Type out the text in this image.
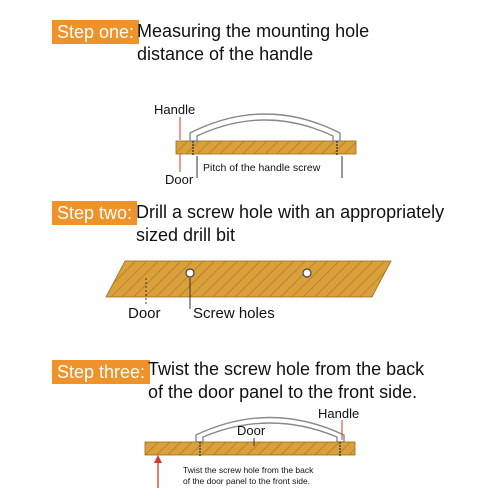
Step one: Measuring the mounting hole
distance of the handle
Step two: Drill a screw hole with an appropriately
sized drill bit
Step three: Twist the screw hole from the back
of the door panel to the front side.
Handle
Door
Pitch of the handle screw
Door Screw holes
Handle
Door
Twist the screw hole from the back
of the door panel to the front side.
